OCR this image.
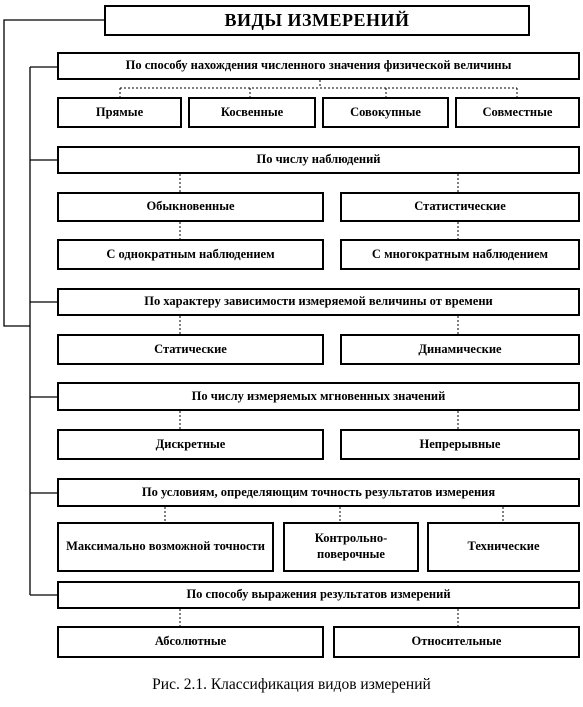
ВИДЫ ИЗМЕРЕНИЙ
По способу нахождения численного значения физической величины
Прямые	Косвенные	Совокупные	Совместные
По числу наблюдений
Обыкновенные	Статистические
С однократным наблюдением	С многократным наблюдением
По характеру зависимости измеряемой величины от времени
Статические	Динамические
По числу измеряемых мгновенных значений
Дискретные	Непрерывные
По условиям, определяющим точность результатов измерения
Максимально возможной точности
Контрольно-поверочные
Технические
По способу выражения результатов измерений
Абсолютные	Относительные
Рис. 2.1. Классификация видов измерений
